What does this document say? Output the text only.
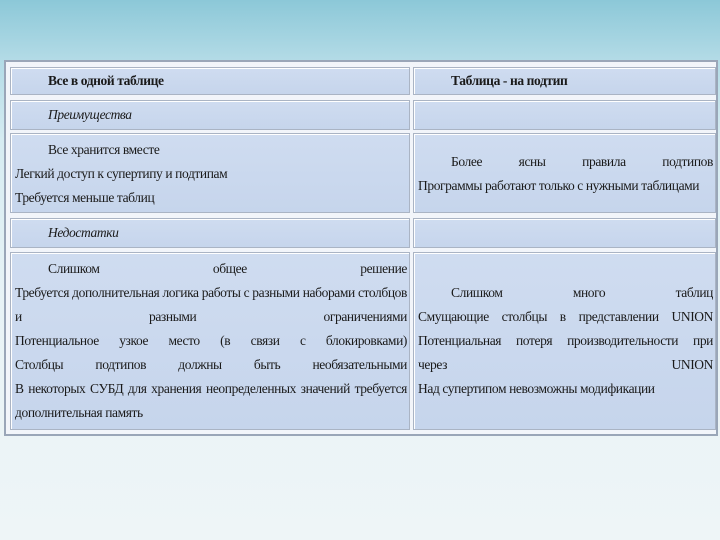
Все в одной таблице	Таблица - на подтип
Преимущества
Все хранится вместе
Легкий доступ к супертипу и подтипам
Требуется меньше таблиц
Более ясны правила подтипов
Программы работают только с нужными таблицами
Недостатки
Слишком общее решение
Требуется дополнительная логика работы с разными наборами столбцов
и разными ограничениями
Потенциальное узкое место (в связи с блокировками)
Столбцы подтипов должны быть необязательными
В некоторых СУБД для хранения неопределенных значений требуется
дополнительная память
Слишком много таблиц
Смущающие столбцы в представлении UNION
Потенциальная потеря производительности при
через UNION
Над супертипом невозможны модификации
